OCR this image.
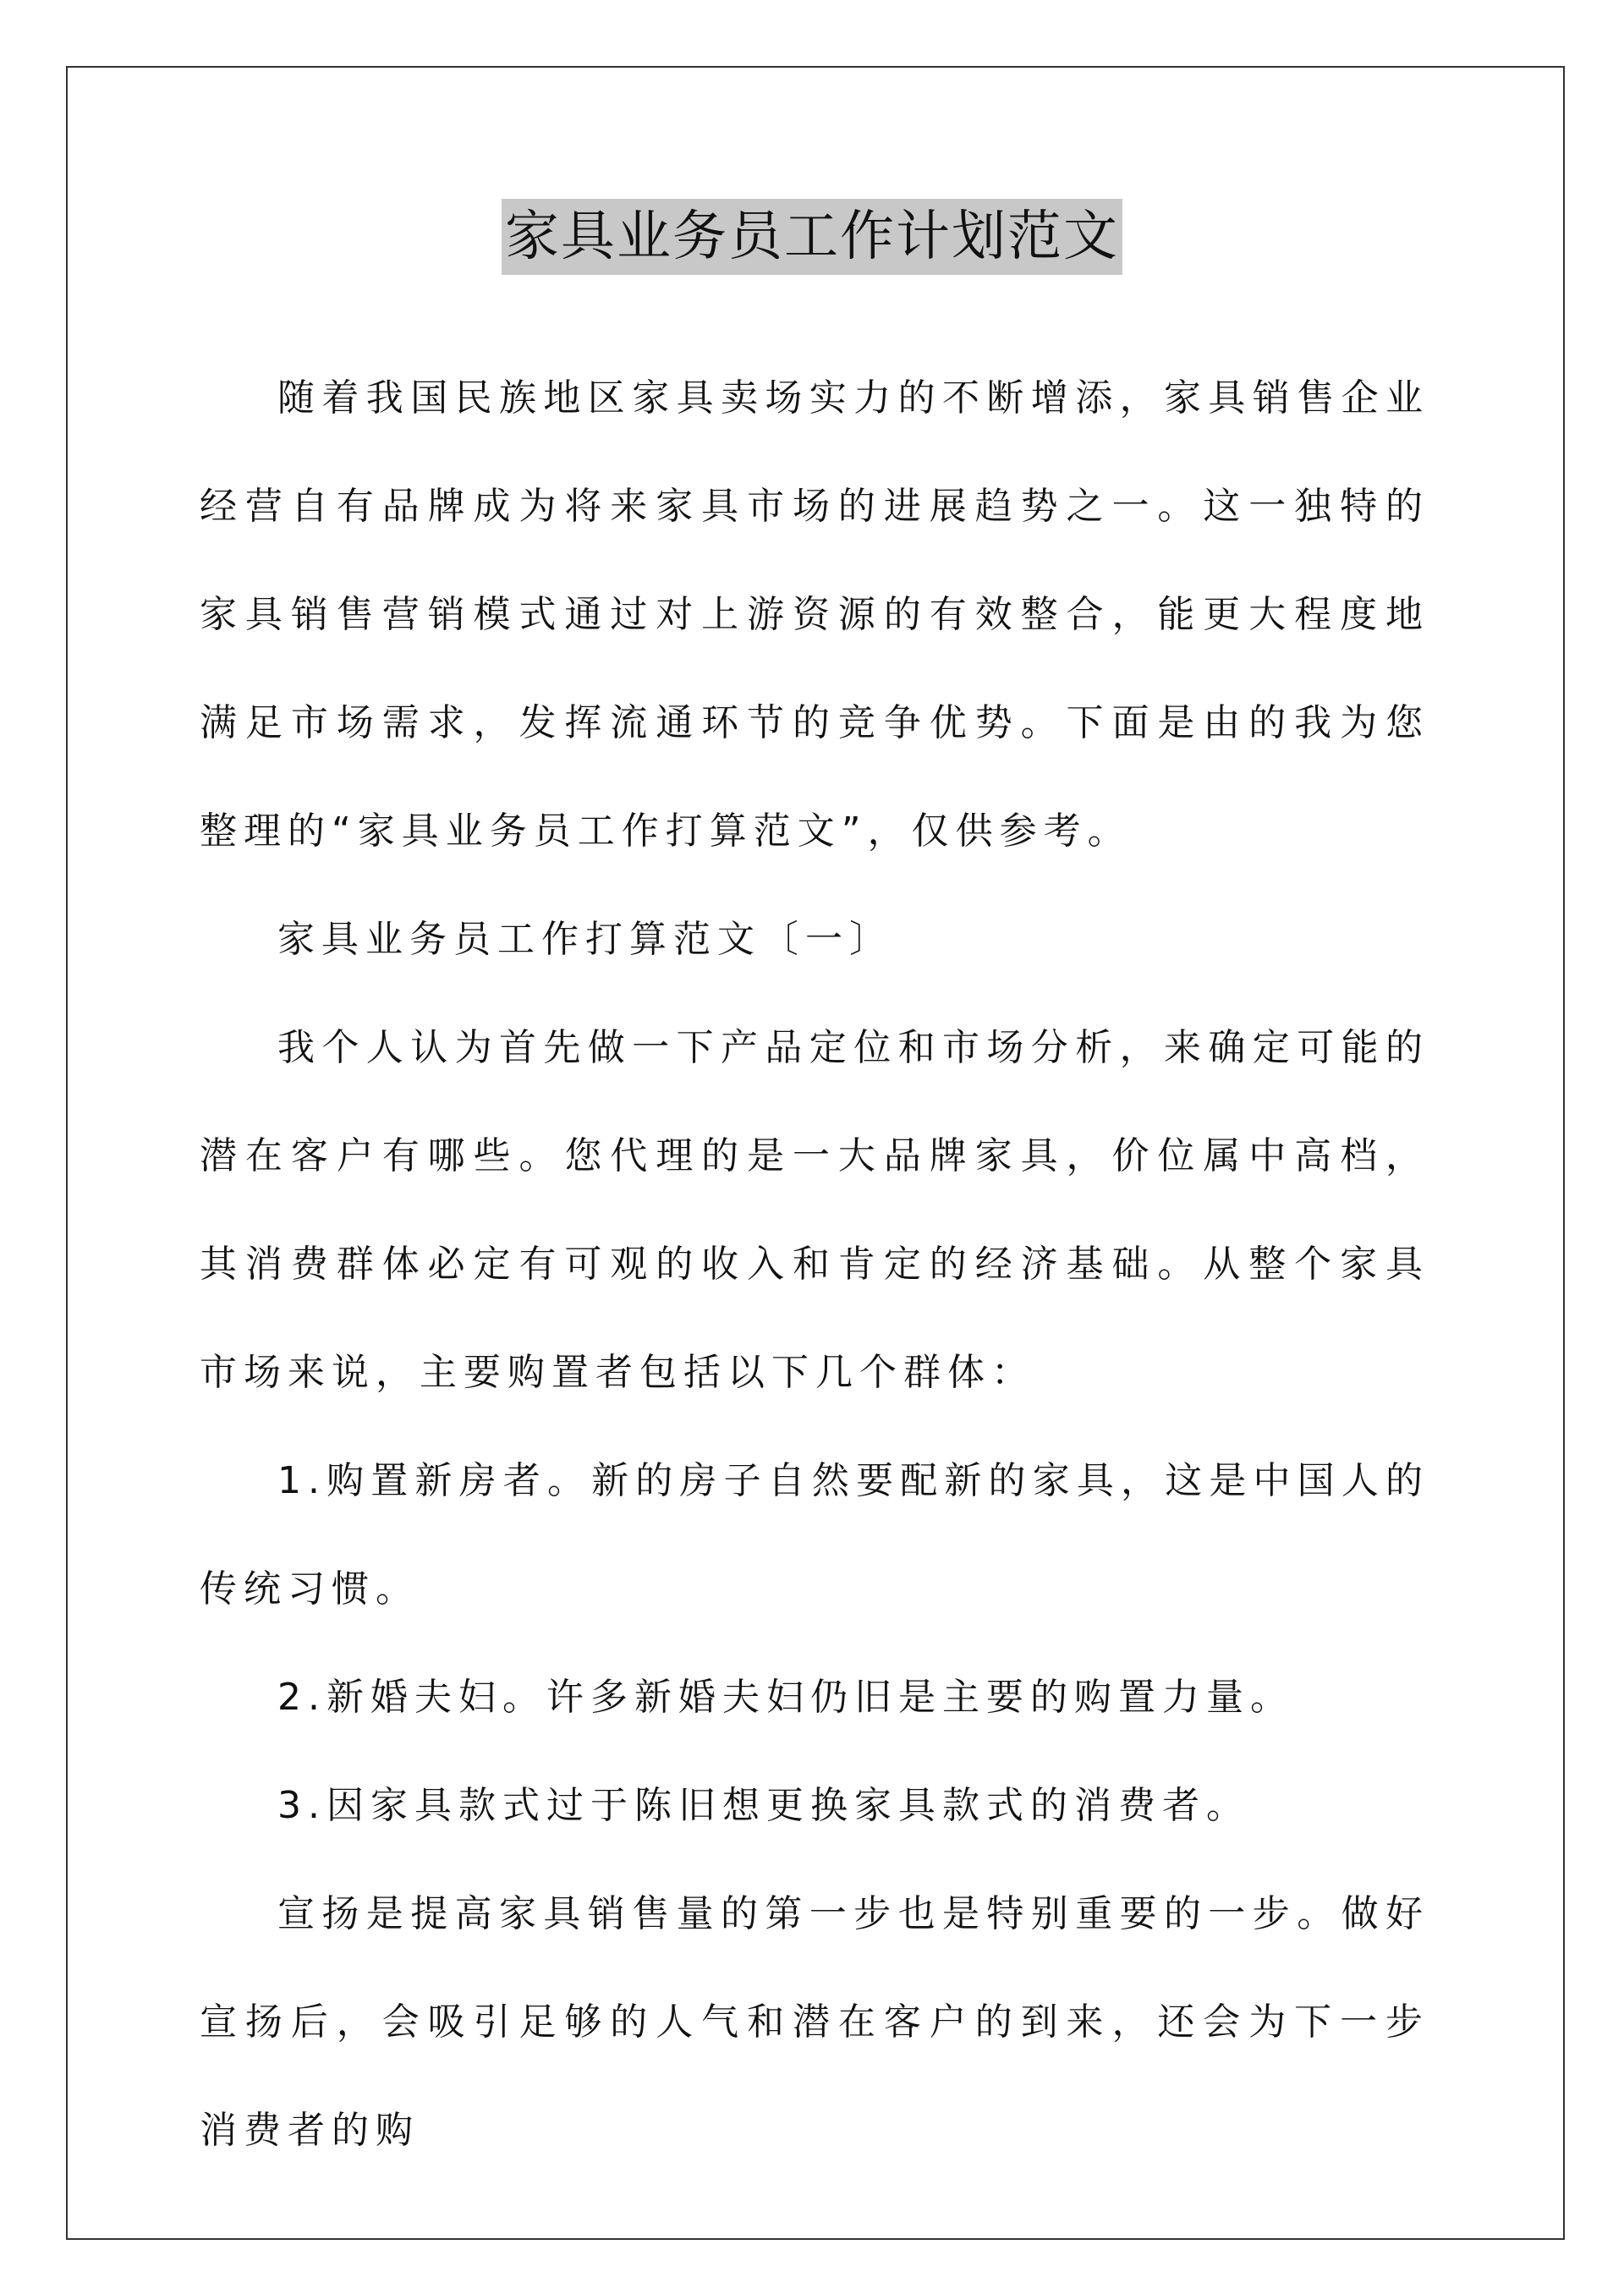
家具业务员工作计划范文

随着我国民族地区家具卖场实力的不断增添，家具销售企业经营自有品牌成为将来家具市场的进展趋势之一。这一独特的家具销售营销模式通过对上游资源的有效整合，能更大程度地满足市场需求，发挥流通环节的竞争优势。下面是由的我为您整理的“家具业务员工作打算范文”，仅供参考。

家具业务员工作打算范文〔一〕

我个人认为首先做一下产品定位和市场分析，来确定可能的潜在客户有哪些。您代理的是一大品牌家具，价位属中高档，其消费群体必定有可观的收入和肯定的经济基础。从整个家具市场来说，主要购置者包括以下几个群体：

1.购置新房者。新的房子自然要配新的家具，这是中国人的传统习惯。

2.新婚夫妇。许多新婚夫妇仍旧是主要的购置力量。

3.因家具款式过于陈旧想更换家具款式的消费者。

宣扬是提高家具销售量的第一步也是特别重要的一步。做好宣扬后，会吸引足够的人气和潜在客户的到来，还会为下一步消费者的购
